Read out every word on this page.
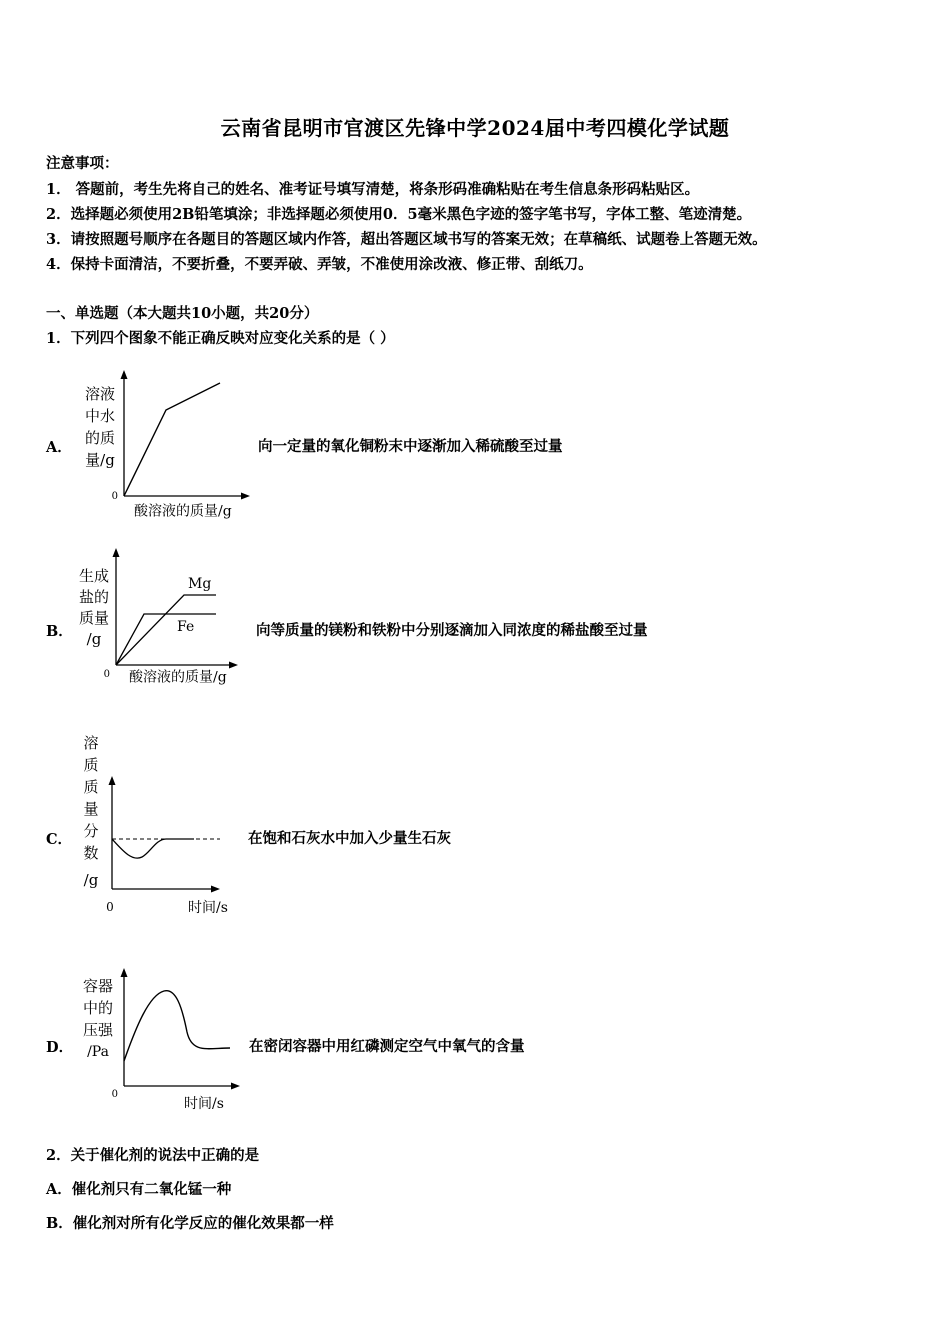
云南省昆明市官渡区先锋中学2024届中考四模化学试题
注意事项：
1． 答题前，考生先将自己的姓名、准考证号填写清楚，将条形码准确粘贴在考生信息条形码粘贴区。
2．选择题必须使用2B铅笔填涂；非选择题必须使用0．5毫米黑色字迹的签字笔书写，字体工整、笔迹清楚。
3．请按照题号顺序在各题目的答题区域内作答，超出答题区域书写的答案无效；在草稿纸、试题卷上答题无效。
4．保持卡面清洁，不要折叠，不要弄破、弄皱，不准使用涂改液、修正带、刮纸刀。
一、单选题（本大题共10小题，共20分）
1．下列四个图象不能正确反映对应变化关系的是（ ）
A．
溶液
中水
的质
量/g
0
酸溶液的质量/g
向一定量的氧化铜粉末中逐渐加入稀硫酸至过量
B．
Mg
Fe
生成
盐的
质量
/g
0 酸溶液的质量/g
向等质量的镁粉和铁粉中分别逐滴加入同浓度的稀盐酸至过量
C．
溶
质
质
量
分
数
/g
0	时间/s
在饱和石灰水中加入少量生石灰
D．
容器
中的
压强
/Pa
0
时间/s
在密闭容器中用红磷测定空气中氧气的含量
2．关于催化剂的说法中正确的是
A．催化剂只有二氧化锰一种
B．催化剂对所有化学反应的催化效果都一样
